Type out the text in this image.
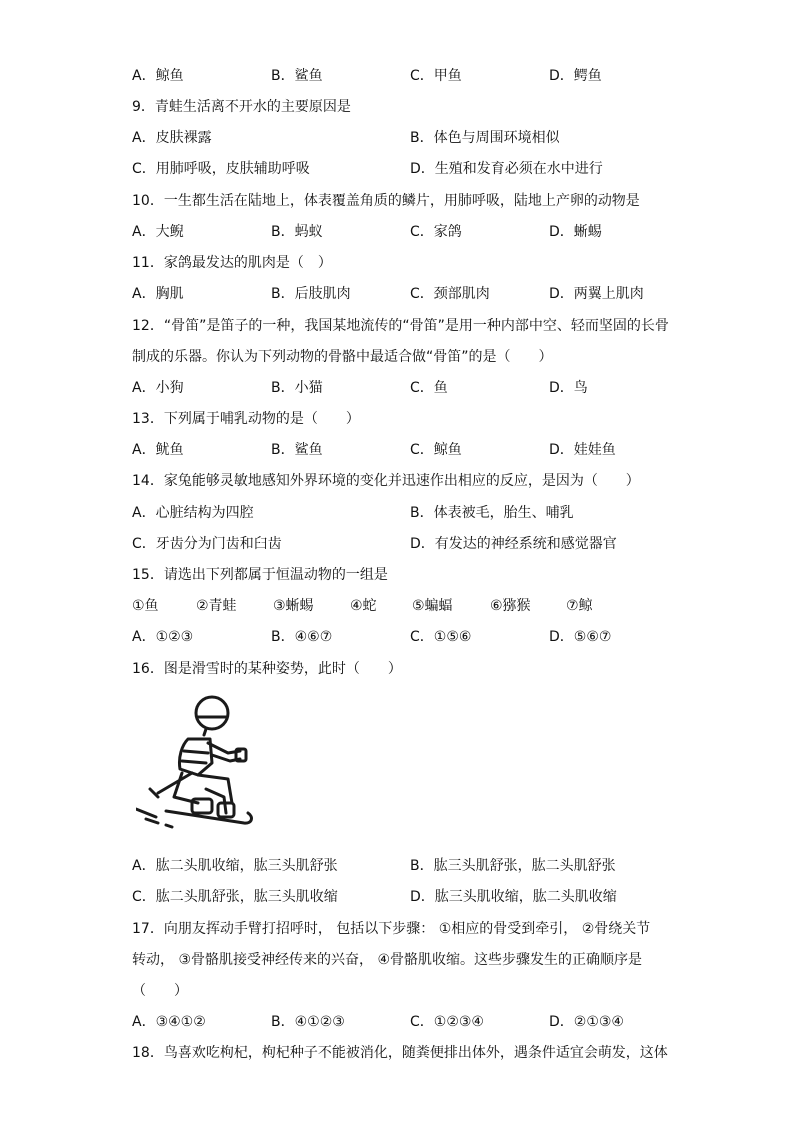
A．鲸鱼	B．鲨鱼	C．甲鱼	D．鳄鱼
9．青蛙生活离不开水的主要原因是
A．皮肤裸露	B．体色与周围环境相似
C．用肺呼吸，皮肤辅助呼吸	D．生殖和发育必须在水中进行
10．一生都生活在陆地上，体表覆盖角质的鳞片，用肺呼吸，陆地上产卵的动物是
A．大鲵	B．蚂蚁	C．家鸽	D．蜥蜴
11．家鸽最发达的肌肉是（　）
A．胸肌	B．后肢肌肉	C．颈部肌肉	D．两翼上肌肉
12．“骨笛”是笛子的一种，我国某地流传的“骨笛”是用一种内部中空、轻而坚固的长骨
制成的乐器。你认为下列动物的骨骼中最适合做“骨笛”的是（　　）
A．小狗	B．小猫	C．鱼	D．鸟
13．下列属于哺乳动物的是（　　）
A．鱿鱼	B．鲨鱼	C．鲸鱼	D．娃娃鱼
14．家兔能够灵敏地感知外界环境的变化并迅速作出相应的反应，是因为（　　）
A．心脏结构为四腔	B．体表被毛，胎生、哺乳
C．牙齿分为门齿和臼齿	D．有发达的神经系统和感觉器官
15．请选出下列都属于恒温动物的一组是
①鱼	②青蛙	③蜥蜴	④蛇	⑤蝙蝠	⑥猕猴	⑦鲸
A．①②③	B．④⑥⑦	C．①⑤⑥	D．⑤⑥⑦
16．图是滑雪时的某种姿势，此时（　　）
A．肱二头肌收缩，肱三头肌舒张	B．肱三头肌舒张，肱二头肌舒张
C．肱二头肌舒张，肱三头肌收缩	D．肱三头肌收缩，肱二头肌收缩
17．向朋友挥动手臂打招呼时， 包括以下步骤： ①相应的骨受到牵引， ②骨绕关节
转动， ③骨骼肌接受神经传来的兴奋， ④骨骼肌收缩。这些步骤发生的正确顺序是
（　　）
A．③④①②	B．④①②③	C．①②③④	D．②①③④
18．鸟喜欢吃枸杞，枸杞种子不能被消化，随粪便排出体外，遇条件适宜会萌发，这体
